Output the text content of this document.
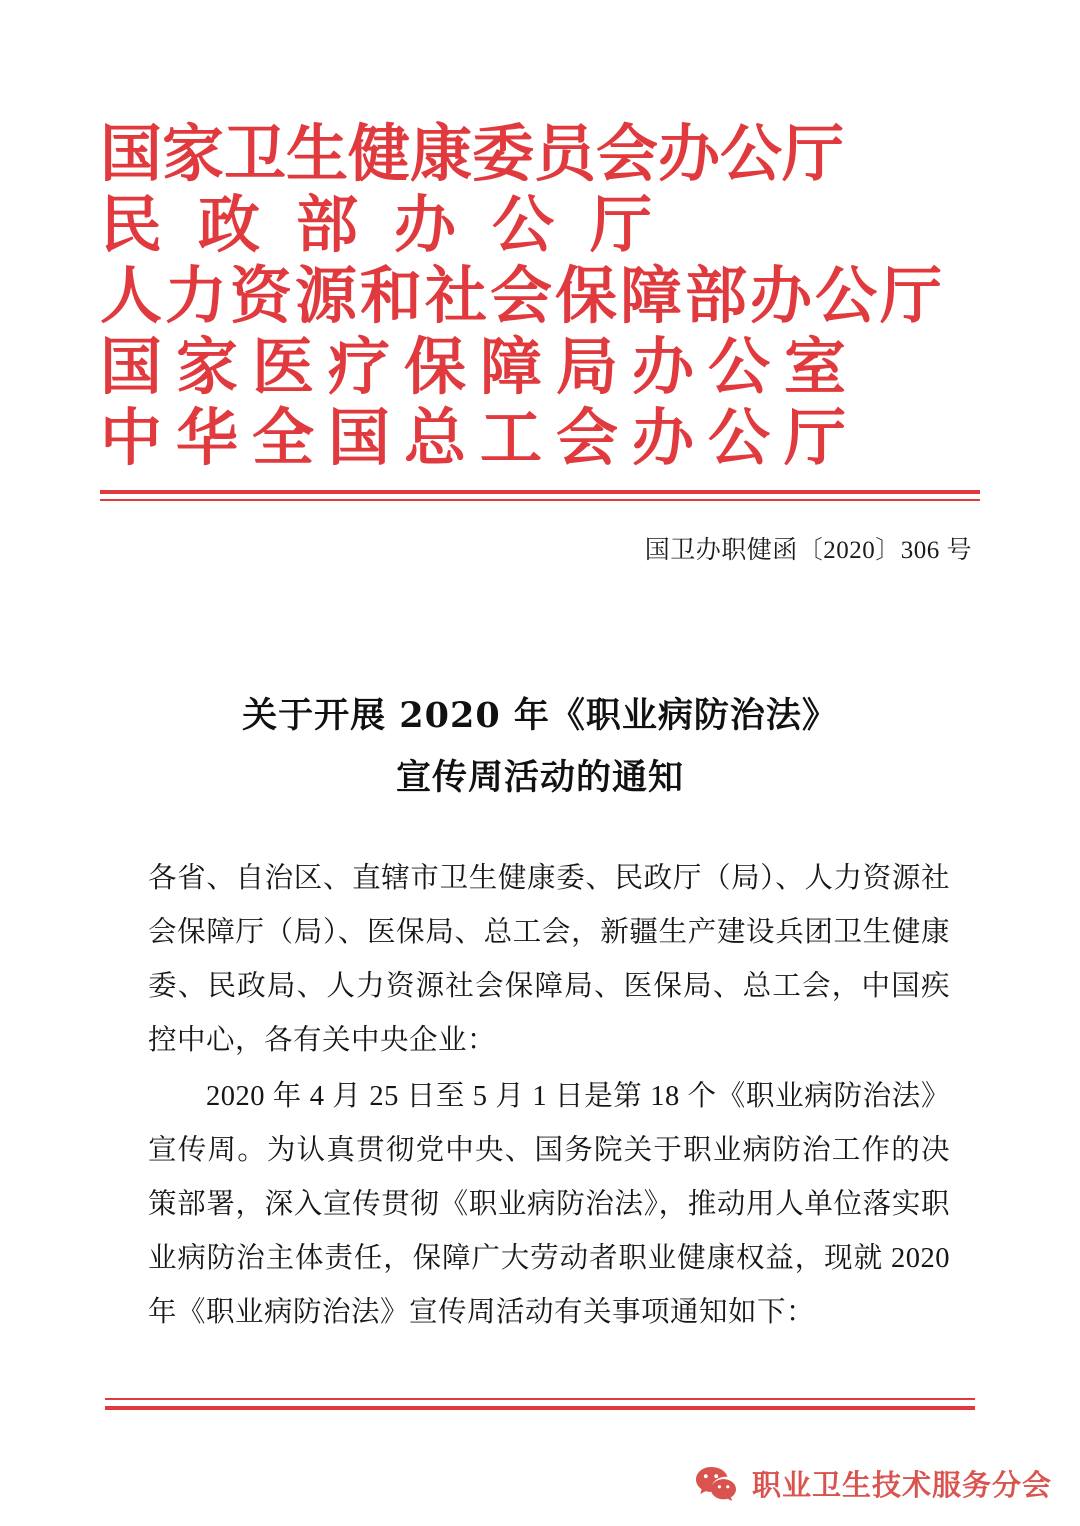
国家卫生健康委员会办公厅
民政部办公厅
人力资源和社会保障部办公厅
国家医疗保障局办公室
中华全国总工会办公厅
国卫办职健函〔2020〕306 号
关于开展 2020 年《职业病防治法》
宣传周活动的通知
各省、自治区、直辖市卫生健康委、民政厅（局）、人力资源社会保障厅（局）、医保局、总工会，新疆生产建设兵团卫生健康委、民政局、人力资源社会保障局、医保局、总工会，中国疾控中心，各有关中央企业：
2020 年 4 月 25 日至 5 月 1 日是第 18 个《职业病防治法》宣传周。为认真贯彻党中央、国务院关于职业病防治工作的决策部署，深入宣传贯彻《职业病防治法》，推动用人单位落实职业病防治主体责任，保障广大劳动者职业健康权益，现就 2020 年《职业病防治法》宣传周活动有关事项通知如下：
职业卫生技术服务分会
